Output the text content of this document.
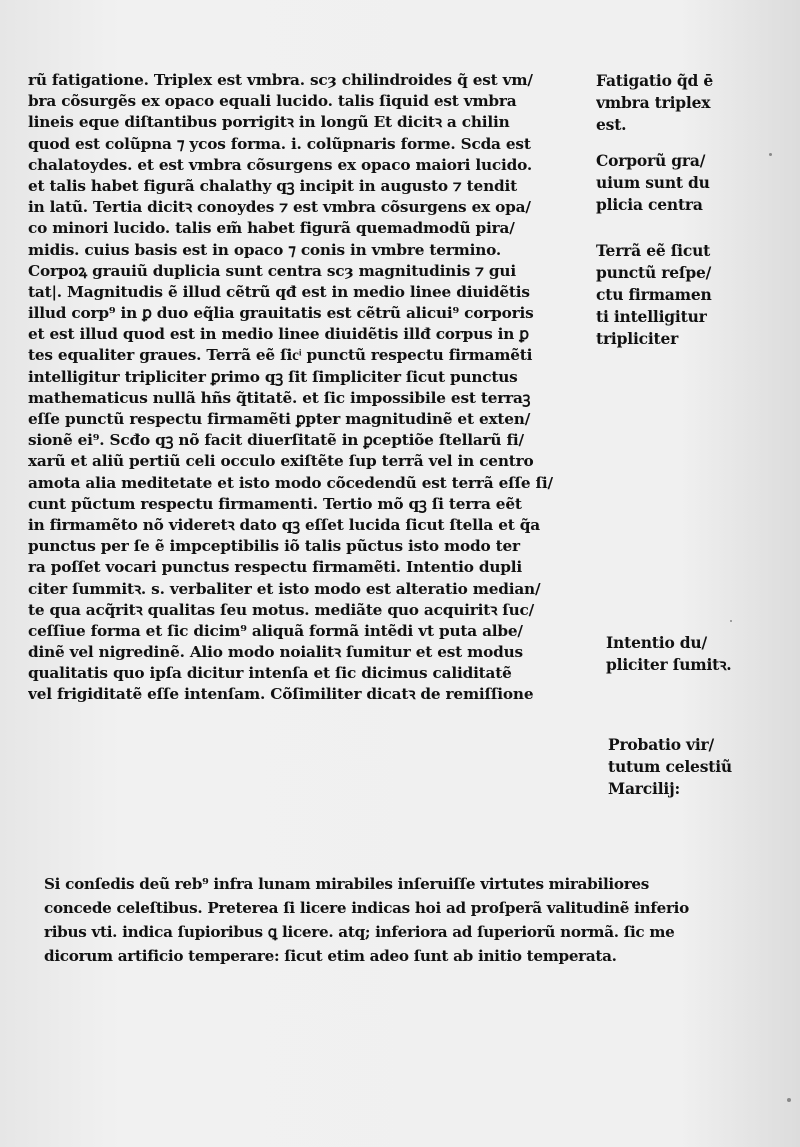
rũ fatigatione. Triplex est vmbra. scȝ chilindroides q̃ est vm/
bra cõsurgẽs ex opaco equali lucido. talis ſiquid est vmbra
lineis eque diſtantibus porrigitꝛ in longũ Et dicitꝛ a chilin
quod est colũpna ⁊ ycos forma. i. colũpnaris forme. Scda est
chalatoydes. et est vmbra cõsurgens ex opaco maiori lucido.
et talis habet figurã chalathy qꝫ incipit in augusto ⁊ tendit
in latũ. Tertia dicitꝛ conoydes ⁊ est vmbra cõsurgens ex opa/
co minori lucido. talis em̃ habet figurã quemadmodũ pira/
midis. cuius basis est in opaco ⁊ conis in vmbre termino.
Corpoꝝ grauiũ duplicia sunt centra scȝ magnitudinis ⁊ gui
tat|. Magnitudis ẽ illud cẽtrũ qđ est in medio linee diuidẽtis
illud corp⁹ in ꝑ duo eq̃lia grauitatis est cẽtrũ alicui⁹ corporis
et est illud quod est in medio linee diuidẽtis illđ corpus in ꝑ
tes equaliter graues. Terrã eẽ ſicͥ punctũ respectu firmamẽti
intelligitur tripliciter ꝑrimo qꝫ ſit ſimpliciter ſicut punctus
mathematicus nullã hñs q̃titatẽ. et ſic impossibile est terraꝫ
eſſe punctũ respectu firmamẽti ꝑpter magnitudinẽ et exten/
sionẽ ei⁹. Scđo qꝫ nõ facit diuerſitatẽ in ꝑceptiõe ſtellarũ fi/
xarũ et aliũ pertiũ celi occulo exiſtẽte ſup terrã vel in centro
amota alia meditetate et isto modo cõcedendũ est terrã eſſe ſi/
cunt pũctum respectu firmamenti. Tertio mõ qꝫ ſi terra eẽt
in firmamẽto nõ videretꝛ dato qꝫ eſſet lucida ſicut ſtella et q̃a
punctus per ſe ẽ impceptibilis iõ talis pũctus isto modo ter
ra poſſet vocari punctus respectu firmamẽti. Intentio dupli
citer ſummitꝛ. s. verbaliter et isto modo est alteratio median/
te qua acq̃ritꝛ qualitas ſeu motus. mediãte quo acquiritꝛ ſuc/
ceſſiue forma et ſic dicim⁹ aliquã formã intẽdi vt puta albe/
dinẽ vel nigredinẽ. Alio modo noialitꝛ ſumitur et est modus
qualitatis quo ipſa dicitur intenſa et ſic dicimus caliditatẽ
vel frigiditatẽ eſſe intenſam. Cõſimiliter dicatꝛ de remiſſione
Fatigatio q̃d ē
vmbra triplex
est.
Corporũ gra/
uium sunt du
plicia centra
Terrã eẽ ſicut
punctũ reſpe/
ctu firmamen
ti intelligitur
tripliciter
Intentio du/
pliciter ſumitꝛ.
Probatio vir/
tutum celestiũ
Marcilij:
Si conſedis deũ reb⁹ infra lunam mirabiles inſeruiſſe virtutes mirabiliores
concede celeſtibus. Preterea ſi licere indicas hoi ad proſperã valitudinẽ inferio
ribus vti. indica ſupioribus ꝗ licere. atq; inferiora ad ſuperiorũ normã. ſic me
dicorum artificio temperare: ſicut etim adeo ſunt ab initio temperata.
